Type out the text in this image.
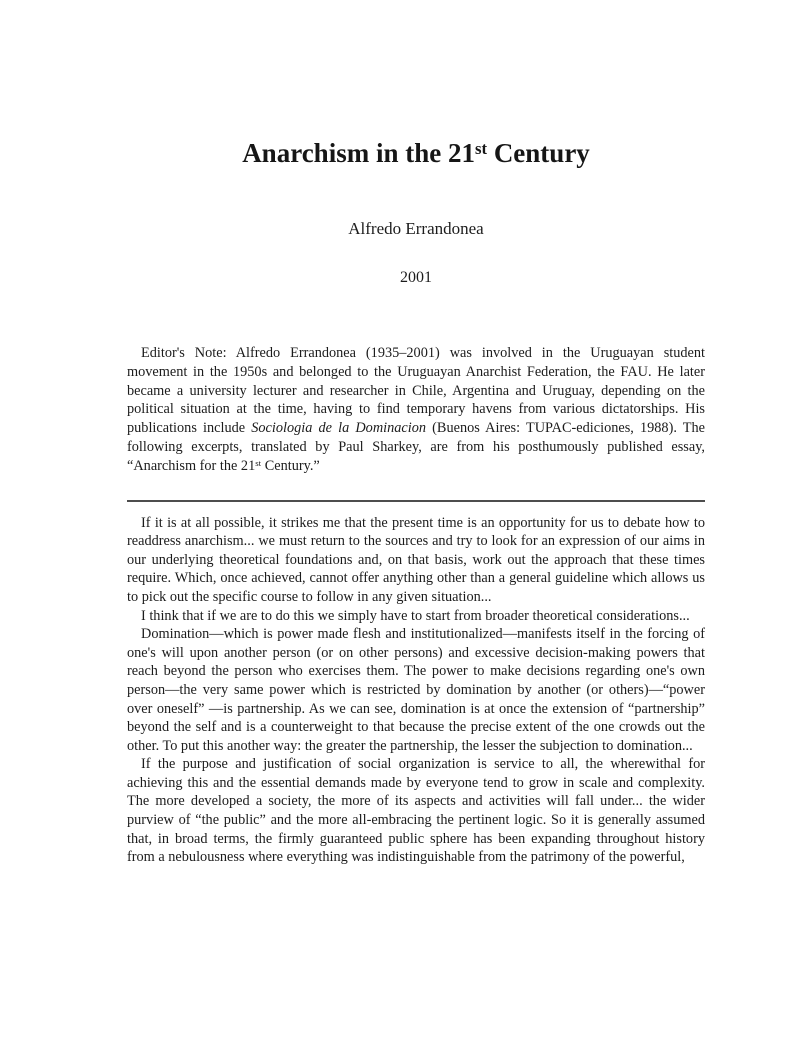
Anarchism in the 21st Century
Alfredo Errandonea
2001
Editor's Note: Alfredo Errandonea (1935–2001) was involved in the Uruguayan student movement in the 1950s and belonged to the Uruguayan Anarchist Federation, the FAU. He later became a university lecturer and researcher in Chile, Argentina and Uruguay, depending on the political situation at the time, having to find temporary havens from various dictatorships. His publications include Sociologia de la Dominacion (Buenos Aires: TUPAC-ediciones, 1988). The following excerpts, translated by Paul Sharkey, are from his posthumously published essay, “Anarchism for the 21st Century.”

If it is at all possible, it strikes me that the present time is an opportunity for us to debate how to readdress anarchism... we must return to the sources and try to look for an expression of our aims in our underlying theoretical foundations and, on that basis, work out the approach that these times require. Which, once achieved, cannot offer anything other than a general guideline which allows us to pick out the specific course to follow in any given situation...

I think that if we are to do this we simply have to start from broader theoretical considerations...

Domination—which is power made flesh and institutionalized—manifests itself in the forcing of one's will upon another person (or on other persons) and excessive decision-making powers that reach beyond the person who exercises them. The power to make decisions regarding one's own person—the very same power which is restricted by domination by another (or others)—“power over oneself” —is partnership. As we can see, domination is at once the extension of “partnership” beyond the self and is a counterweight to that because the precise extent of the one crowds out the other. To put this another way: the greater the partnership, the lesser the subjection to domination...

If the purpose and justification of social organization is service to all, the wherewithal for achieving this and the essential demands made by everyone tend to grow in scale and complexity. The more developed a society, the more of its aspects and activities will fall under... the wider purview of “the public” and the more all-embracing the pertinent logic. So it is generally assumed that, in broad terms, the firmly guaranteed public sphere has been expanding throughout history from a nebulousness where everything was indistinguishable from the patrimony of the powerful,
